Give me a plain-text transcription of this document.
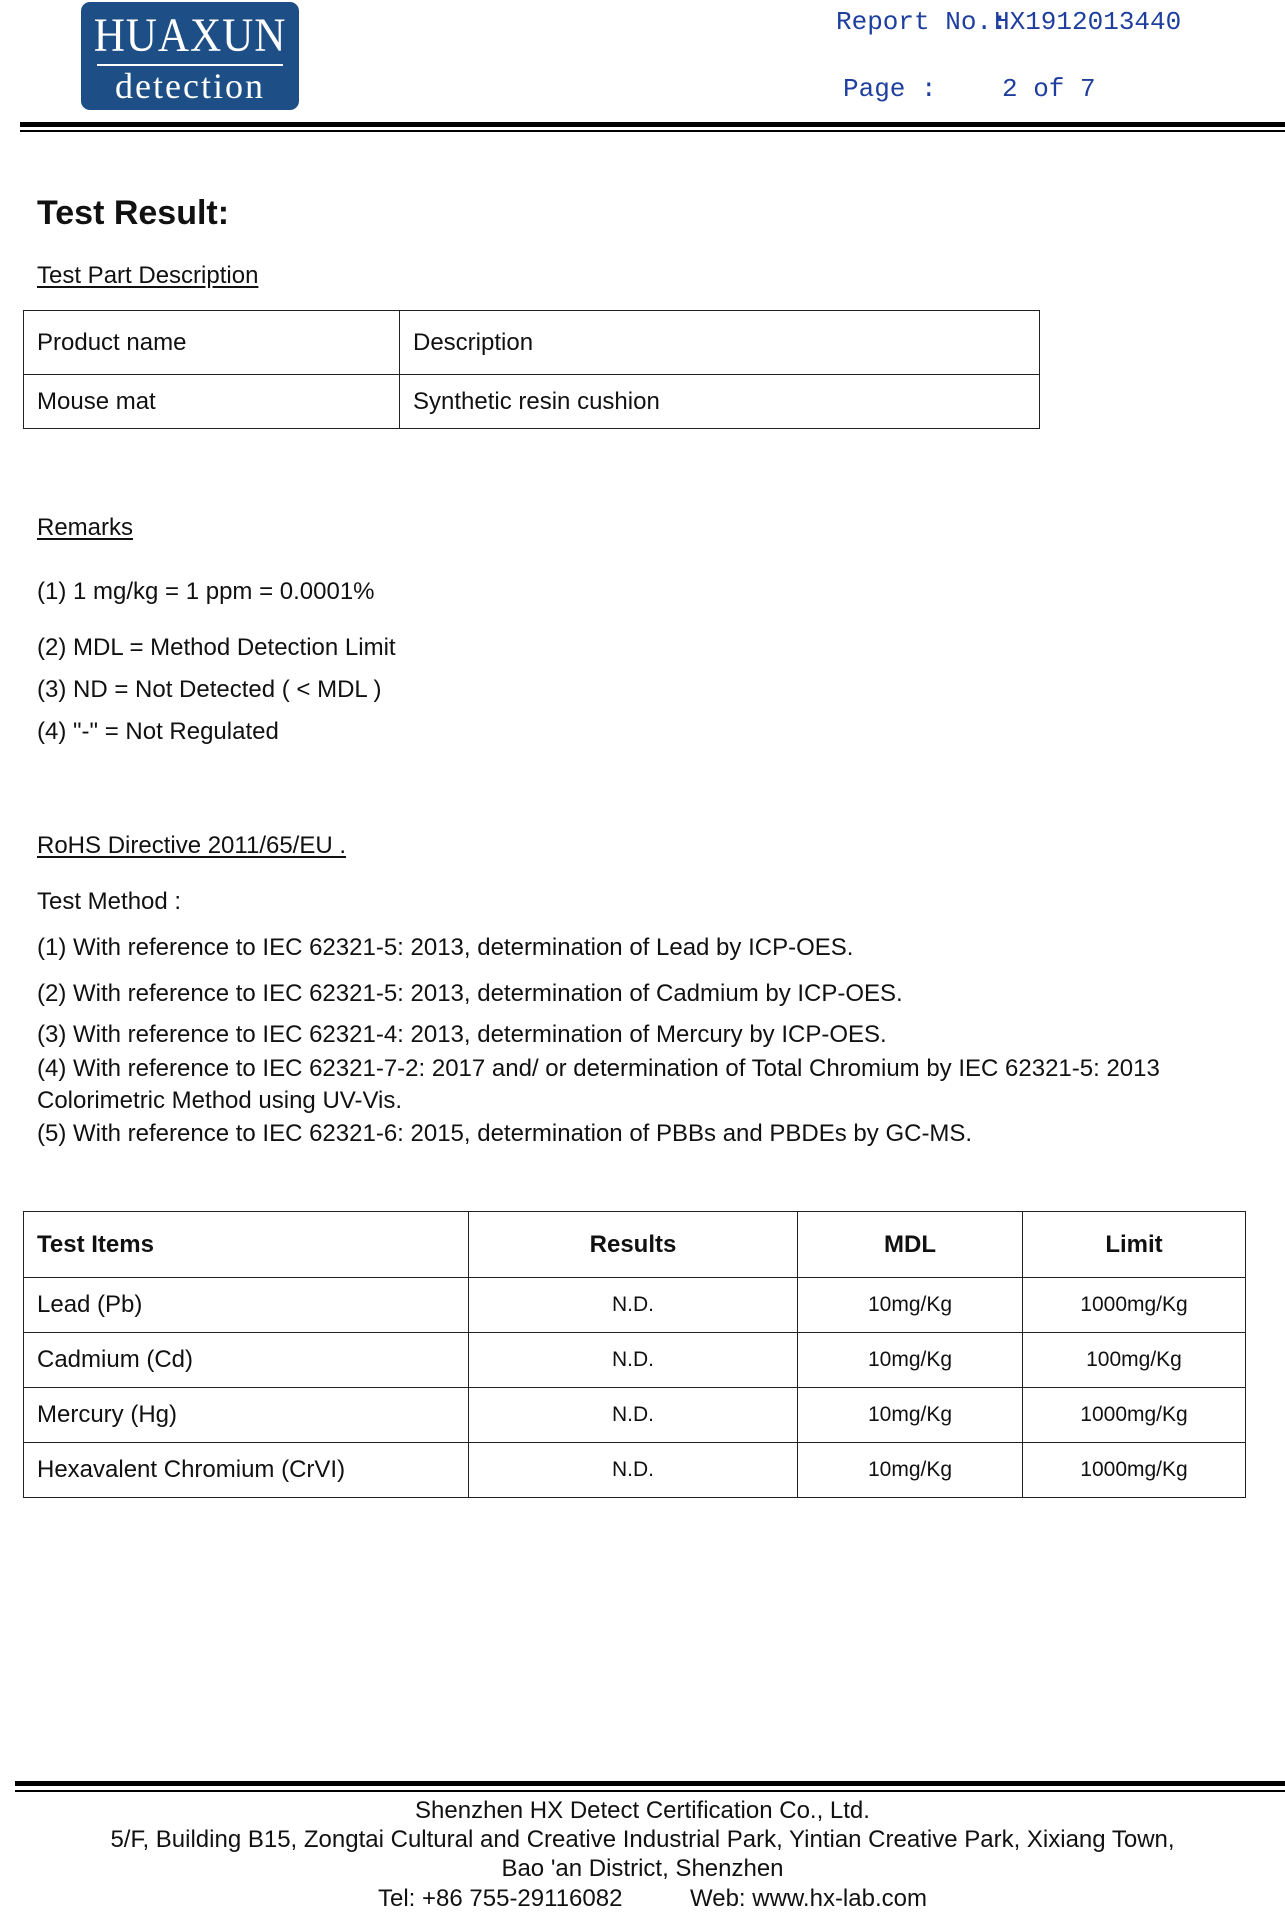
HUAXUN
detection
Report No.:
HX1912013440
Page :	2 of 7
Test Result:
Test Part Description
Product name	Description
Mouse mat	Synthetic resin cushion
Remarks
(1) 1 mg/kg = 1 ppm = 0.0001%
(2) MDL = Method Detection Limit
(3) ND = Not Detected ( < MDL )
(4) "-" = Not Regulated
RoHS Directive 2011/65/EU .
Test Method :
(1) With reference to IEC 62321-5: 2013, determination of Lead by ICP-OES.
(2) With reference to IEC 62321-5: 2013, determination of Cadmium by ICP-OES.
(3) With reference to IEC 62321-4: 2013, determination of Mercury by ICP-OES.
(4) With reference to IEC 62321-7-2: 2017 and/ or determination of Total Chromium by IEC 62321-5: 2013
Colorimetric Method using UV-Vis.
(5) With reference to IEC 62321-6: 2015, determination of PBBs and PBDEs by GC-MS.
Test Items	Results	MDL	Limit
Lead (Pb)	N.D.	10mg/Kg	1000mg/Kg
Cadmium (Cd)	N.D.	10mg/Kg	100mg/Kg
Mercury (Hg)	N.D.	10mg/Kg	1000mg/Kg
Hexavalent Chromium (CrVI)	N.D.	10mg/Kg	1000mg/Kg
Shenzhen HX Detect Certification Co., Ltd.
5/F, Building B15, Zongtai Cultural and Creative Industrial Park, Yintian Creative Park, Xixiang Town,
Bao 'an District, Shenzhen
Tel: +86 755-29116082	Web: www.hx-lab.com
